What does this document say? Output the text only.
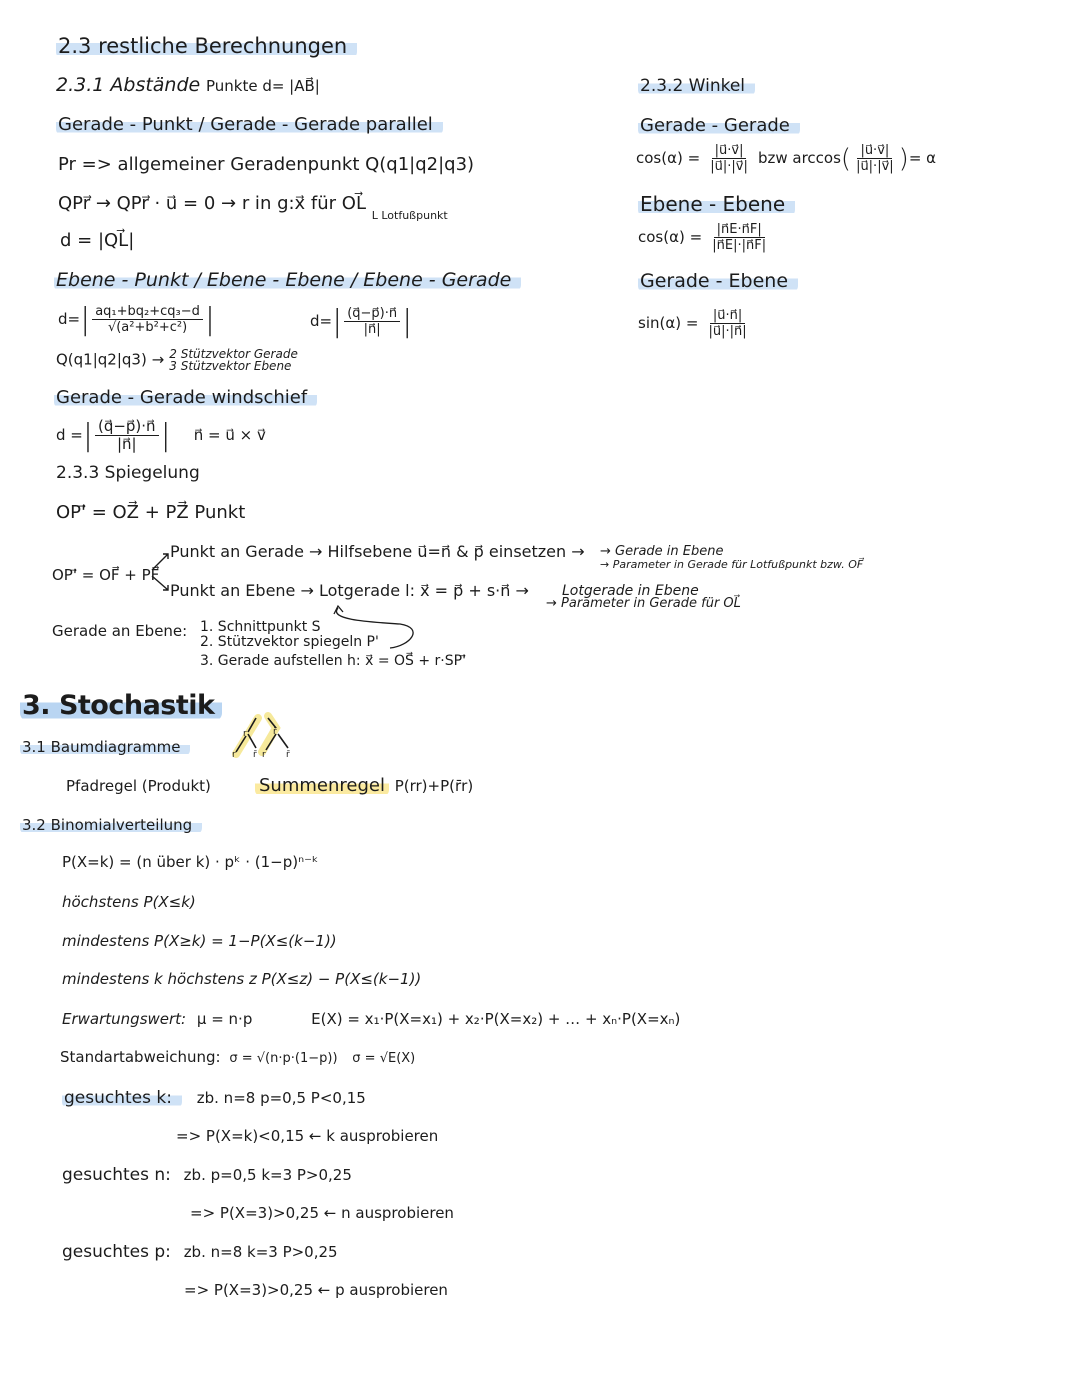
2.3 restliche Berechnungen
2.3.1 Abstände Punkte d= |AB⃗|
Gerade - Punkt / Gerade - Gerade parallel
Pr => allgemeiner Geradenpunkt Q(q1|q2|q3)
QPr⃗ → QPr⃗ · u⃗ = 0 → r in g:x⃗ für OL⃗ $_{L Lotfußpunkt}$
d = |QL⃗|
Ebene - Punkt / Ebene - Ebene / Ebene - Gerade
$d=| \frac{\text{aq₁+bq₂+cq₃−d}}{\text{√(a²+b²+c²)}}$ |	$d=| \frac{(q⃗-p⃗)\cdot n⃗}{|n⃗|}$ |
Q(q1|q2|q3) → 2 Stützvektor Gerade
3 Stützvektor Ebene
Gerade - Gerade windschief
d =| $\frac{(q⃗-p⃗)\cdot n⃗}{|n⃗|}$ | n⃗ = u⃗ × v⃗
2.3.2 Winkel
Gerade - Gerade
$\cos(\alpha) = \frac{|u⃗\cdot v⃗|}{|u⃗|\cdot|v⃗|}$ bzw $\arccos( \frac{|u⃗\cdot v⃗|}{|u⃗|\cdot|v⃗|}$ )= α
Ebene - Ebene
$\cos(\alpha) = \frac{|n⃗E\cdot n⃗F|}{|n⃗E|\cdot|n⃗F|}$
Gerade - Ebene
$\sin(\alpha) = \frac{|u⃗\cdot n⃗|}{|u⃗|\cdot|n⃗|}$
2.3.3 Spiegelung
OP'⃗ = OZ⃗ + PZ⃗ Punkt
OP'⃗ = OF⃗ + PF⃗
Punkt an Gerade → Hilfsebene u⃗=n⃗ & p⃗ einsetzen → → Gerade in Ebene
→ Parameter in Gerade für Lotfußpunkt bzw. OF⃗
Punkt an Ebene → Lotgerade l: x⃗ = p⃗ + s·n⃗ → Lotgerade in Ebene
→ Parameter in Gerade für OL⃗
Gerade an Ebene: 1. Schnittpunkt S
2. Stützvektor spiegeln P'
3. Gerade aufstellen h: x⃗ = OS⃗ + r·SP'⃗
3. Stochastik
3.1 Baumdiagramme
r	r̄
r r̄ r r̄
Pfadregel (Produkt)	Summenregel P(rr)+P(r̄r)
3.2 Binomialverteilung
P(X=k) = (n über k) · pᵏ · (1−p)ⁿ⁻ᵏ
höchstens P(X≤k)
mindestens P(X≥k) = 1−P(X≤(k−1))
mindestens k höchstens z P(X≤z) − P(X≤(k−1))
Erwartungswert: μ = n·p	E(X) = x₁·P(X=x₁) + x₂·P(X=x₂) + … + xₙ·P(X=xₙ)
Standartabweichung: σ = √(n·p·(1−p)) σ = √E(X)
gesuchtes k: zb. n=8 p=0,5 P<0,15
=> P(X=k)<0,15 ← k ausprobieren
gesuchtes n: zb. p=0,5 k=3 P>0,25
=> P(X=3)>0,25 ← n ausprobieren
gesuchtes p: zb. n=8 k=3 P>0,25
=> P(X=3)>0,25 ← p ausprobieren
